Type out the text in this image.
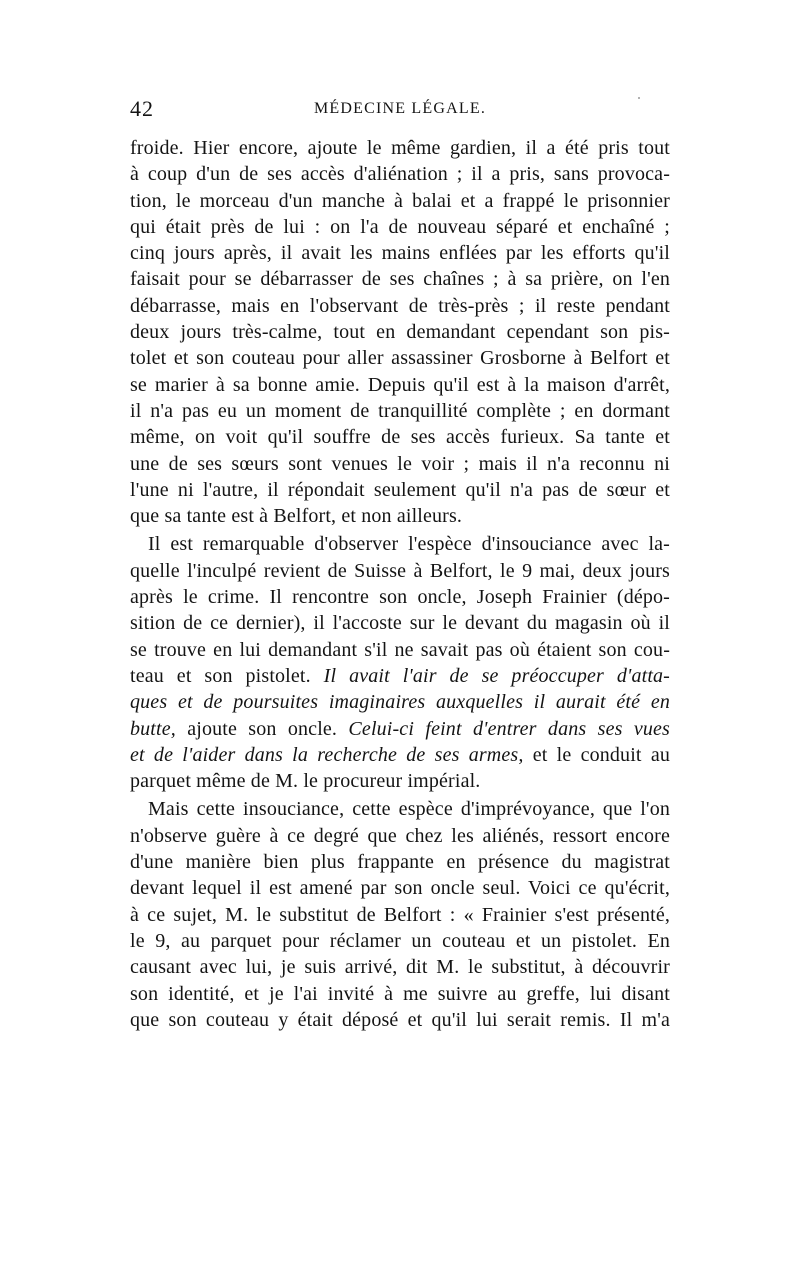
42	MÉDECINE LÉGALE.
froide. Hier encore, ajoute le même gardien, il a été pris tout
à coup d'un de ses accès d'aliénation ; il a pris, sans provoca-
tion, le morceau d'un manche à balai et a frappé le prisonnier
qui était près de lui : on l'a de nouveau séparé et enchaîné ;
cinq jours après, il avait les mains enflées par les efforts qu'il
faisait pour se débarrasser de ses chaînes ; à sa prière, on l'en
débarrasse, mais en l'observant de très-près ; il reste pendant
deux jours très-calme, tout en demandant cependant son pis-
tolet et son couteau pour aller assassiner Grosborne à Belfort et
se marier à sa bonne amie. Depuis qu'il est à la maison d'arrêt,
il n'a pas eu un moment de tranquillité complète ; en dormant
même, on voit qu'il souffre de ses accès furieux. Sa tante et
une de ses sœurs sont venues le voir ; mais il n'a reconnu ni
l'une ni l'autre, il répondait seulement qu'il n'a pas de sœur et
que sa tante est à Belfort, et non ailleurs.
Il est remarquable d'observer l'espèce d'insouciance avec la-
quelle l'inculpé revient de Suisse à Belfort, le 9 mai, deux jours
après le crime. Il rencontre son oncle, Joseph Frainier (dépo-
sition de ce dernier), il l'accoste sur le devant du magasin où il
se trouve en lui demandant s'il ne savait pas où étaient son cou-
teau et son pistolet. Il avait l'air de se préoccuper d'atta-
ques et de poursuites imaginaires auxquelles il aurait été en
butte, ajoute son oncle. Celui-ci feint d'entrer dans ses vues
et de l'aider dans la recherche de ses armes, et le conduit au
parquet même de M. le procureur impérial.
Mais cette insouciance, cette espèce d'imprévoyance, que l'on
n'observe guère à ce degré que chez les aliénés, ressort encore
d'une manière bien plus frappante en présence du magistrat
devant lequel il est amené par son oncle seul. Voici ce qu'écrit,
à ce sujet, M. le substitut de Belfort : « Frainier s'est présenté,
le 9, au parquet pour réclamer un couteau et un pistolet. En
causant avec lui, je suis arrivé, dit M. le substitut, à découvrir
son identité, et je l'ai invité à me suivre au greffe, lui disant
que son couteau y était déposé et qu'il lui serait remis. Il m'a
